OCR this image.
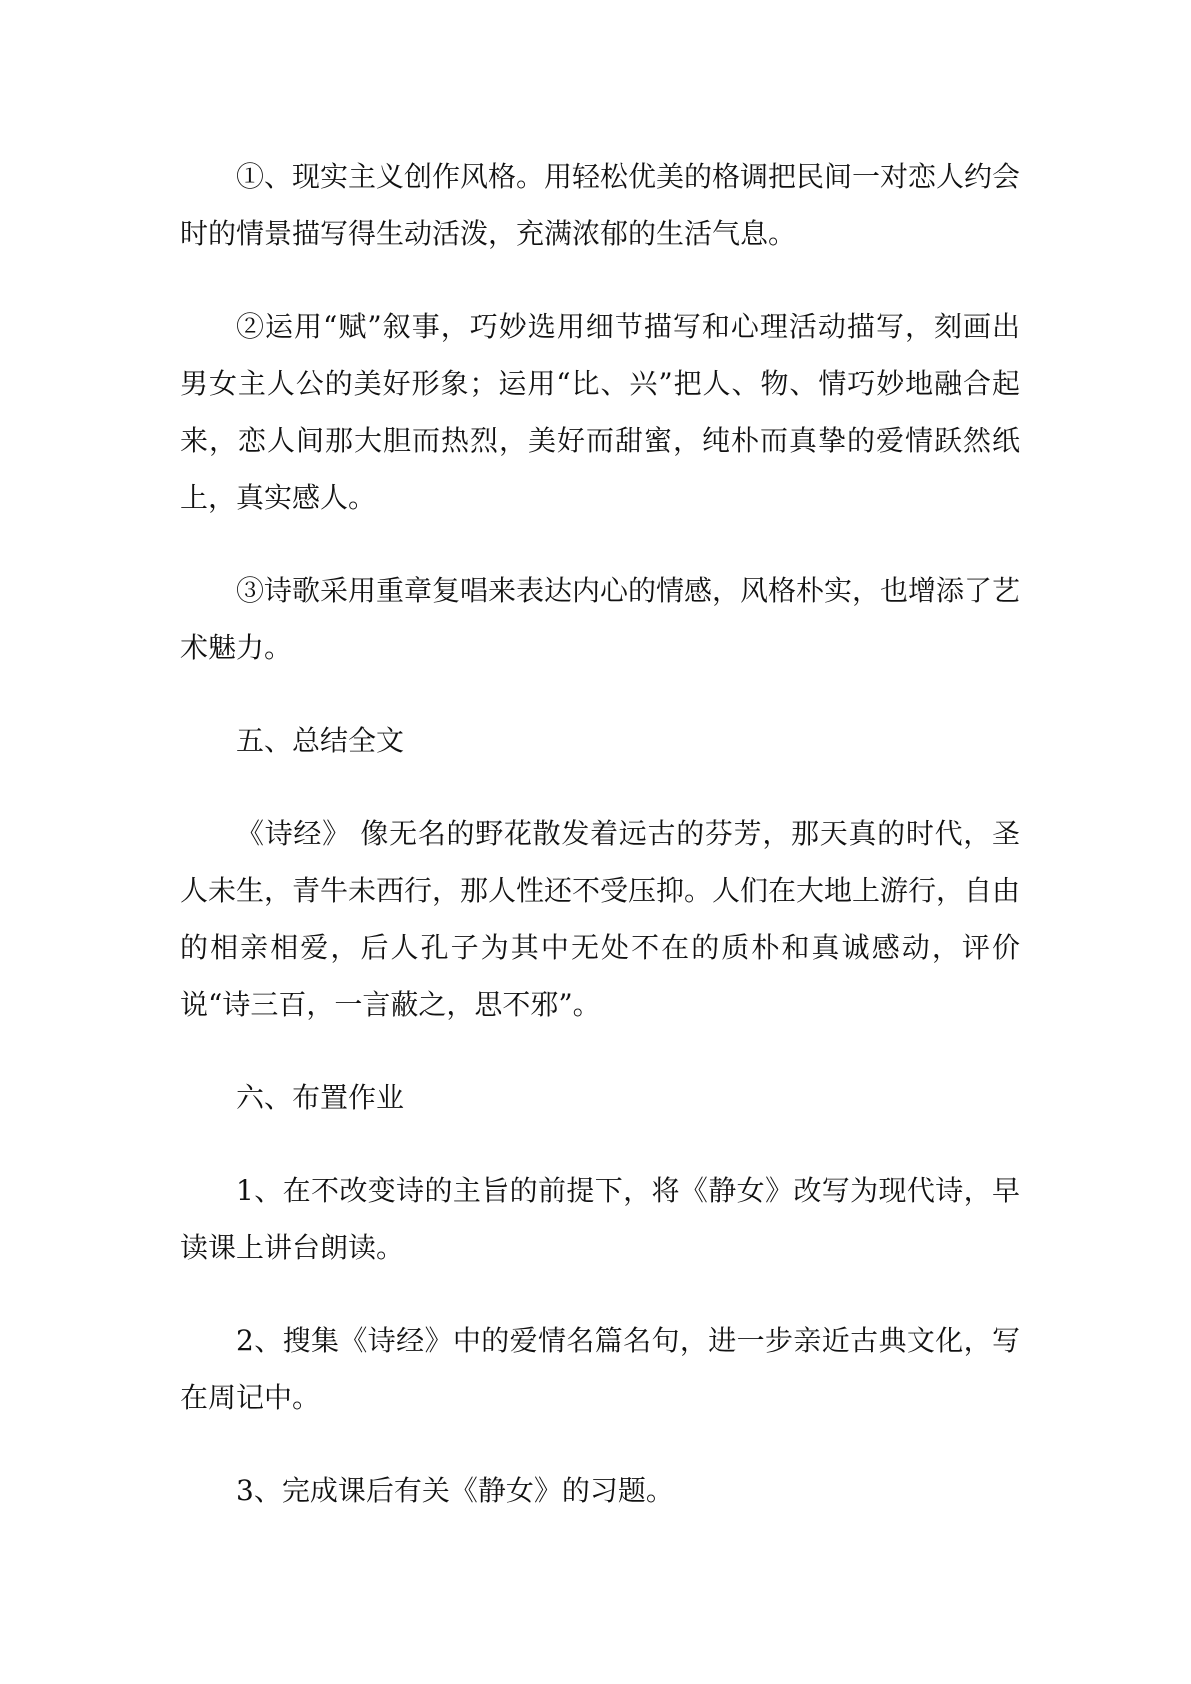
①、现实主义创作风格。用轻松优美的格调把民间一对恋人约会时的情景描写得生动活泼，充满浓郁的生活气息。

②运用“赋”叙事，巧妙选用细节描写和心理活动描写，刻画出男女主人公的美好形象；运用“比、兴”把人、物、情巧妙地融合起来，恋人间那大胆而热烈，美好而甜蜜，纯朴而真挚的爱情跃然纸上，真实感人。

③诗歌采用重章复唱来表达内心的情感，风格朴实，也增添了艺术魅力。

五、总结全文

《诗经》 像无名的野花散发着远古的芬芳，那天真的时代，圣人未生，青牛未西行，那人性还不受压抑。人们在大地上游行，自由的相亲相爱，后人孔子为其中无处不在的质朴和真诚感动，评价说“诗三百，一言蔽之，思不邪”。

六、布置作业

1、在不改变诗的主旨的前提下，将《静女》改写为现代诗，早读课上讲台朗读。

2、搜集《诗经》中的爱情名篇名句，进一步亲近古典文化，写在周记中。

3、完成课后有关《静女》的习题。
